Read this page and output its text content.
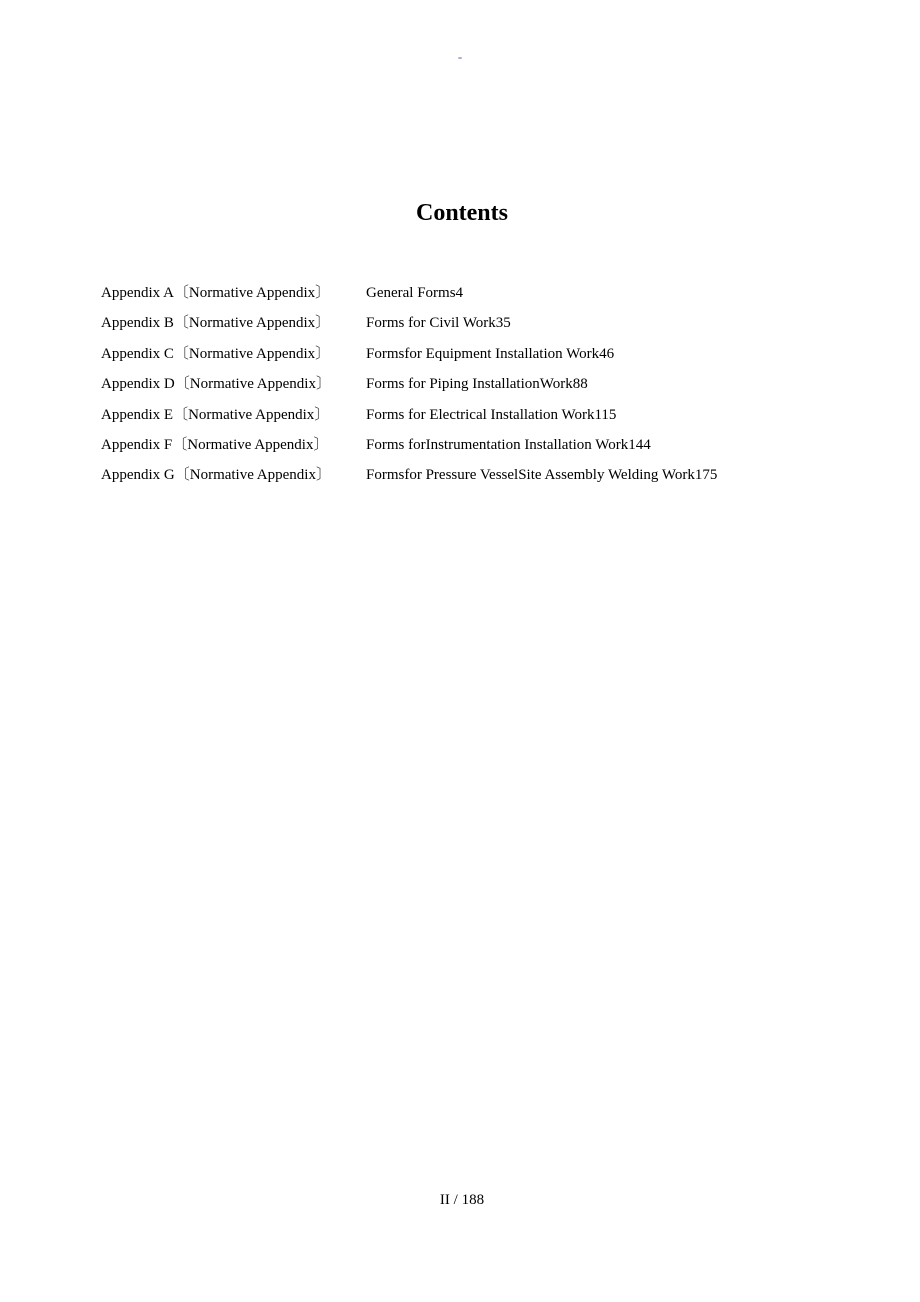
-
Contents
Appendix A〔Normative Appendix〕 General Forms4
Appendix B〔Normative Appendix〕 Forms for Civil Work35
Appendix C〔Normative Appendix〕 Formsfor Equipment Installation Work46
Appendix D〔Normative Appendix〕 Forms for Piping InstallationWork88
Appendix E〔Normative Appendix〕 Forms for Electrical Installation Work115
Appendix F〔Normative Appendix〕	Forms forInstrumentation Installation Work144
Appendix G〔Normative Appendix〕 Formsfor Pressure VesselSite Assembly Welding Work175
II / 188
